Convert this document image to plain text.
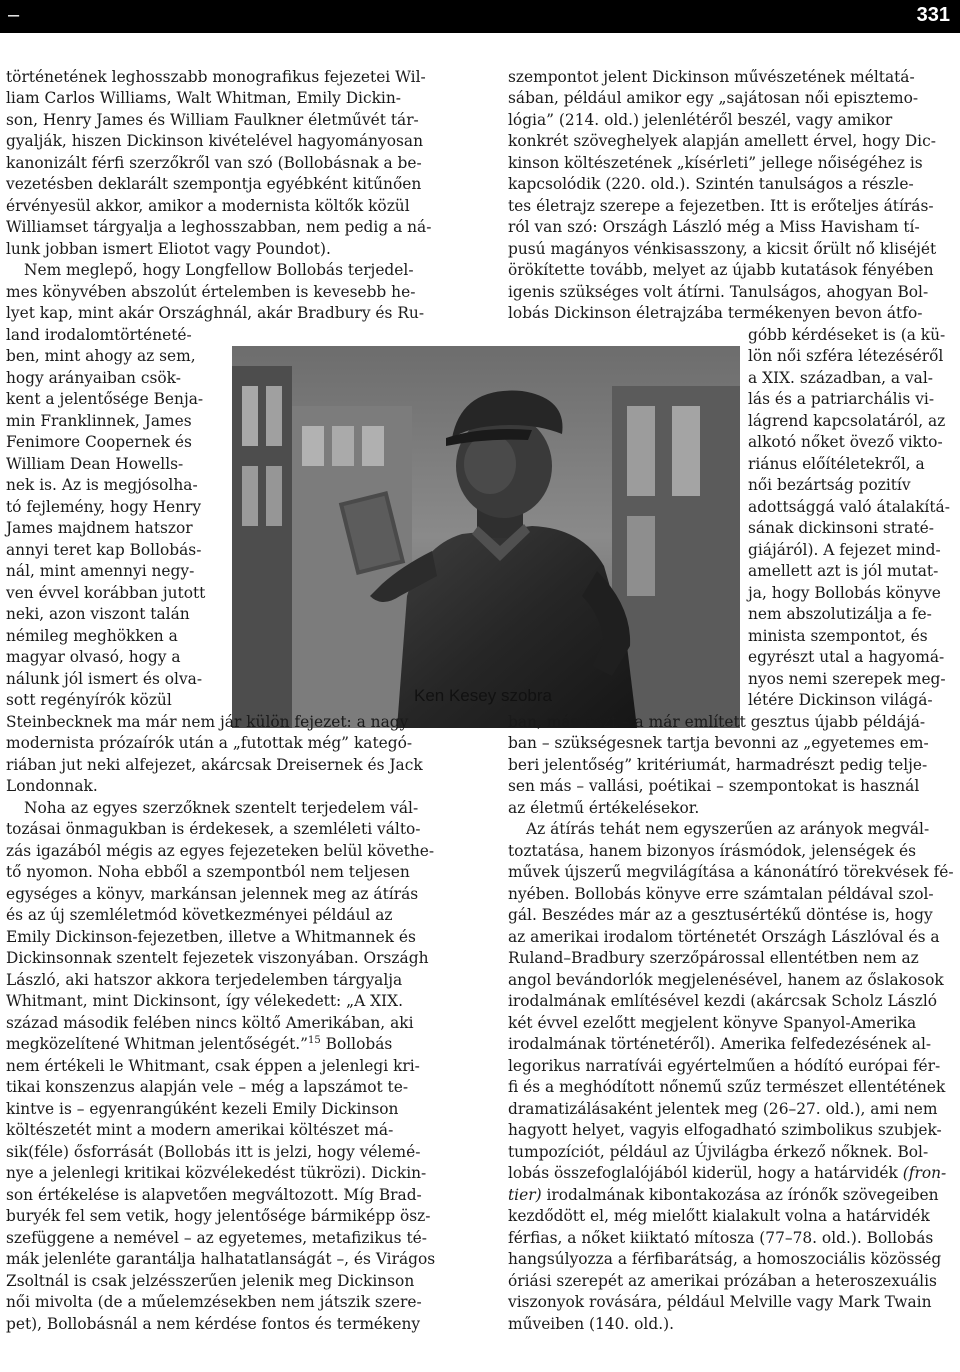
–	331
Ken Kesey szobra
történetének leghosszabb monografikus fejezetei Wil-
liam Carlos Williams, Walt Whitman, Emily Dickin-
son, Henry James és William Faulkner életművét tár-
gyalják, hiszen Dickinson kivételével hagyományosan
kanonizált férfi szerzőkről van szó (Bollobásnak a be-
vezetésben deklarált szempontja egyébként kitűnően
érvényesül akkor, amikor a modernista költők közül
Williamset tárgyalja a leghosszabban, nem pedig a ná-
lunk jobban ismert Eliotot vagy Poundot).
Nem meglepő, hogy Longfellow Bollobás terjedel-
mes könyvében abszolút értelemben is kevesebb he-
lyet kap, mint akár Országhnál, akár Bradbury és Ru-
land irodalomtörténeté-
ben, mint ahogy az sem,
hogy arányaiban csök-
kent a jelentősége Benja-
min Franklinnek, James
Fenimore Coopernek és
William Dean Howells-
nek is. Az is megjósolha-
tó fejlemény, hogy Henry
James majdnem hatszor
annyi teret kap Bollobás-
nál, mint amennyi negy-
ven évvel korábban jutott
neki, azon viszont talán
némileg meghökken a
magyar olvasó, hogy a
nálunk jól ismert és olva-
sott regényírók közül
Steinbecknek ma már nem jár külön fejezet: a nagy
modernista prózaírók után a „futottak még” kategó-
riában jut neki alfejezet, akárcsak Dreisernek és Jack
Londonnak.
Noha az egyes szerzőknek szentelt terjedelem vál-
tozásai önmagukban is érdekesek, a szemléleti válto-
zás igazából mégis az egyes fejezeteken belül követhe-
tő nyomon. Noha ebből a szempontból nem teljesen
egységes a könyv, markánsan jelennek meg az átírás
és az új szemléletmód következményei például az
Emily Dickinson-fejezetben, illetve a Whitmannek és
Dickinsonnak szentelt fejezetek viszonyában. Országh
László, aki hatszor akkora terjedelemben tárgyalja
Whitmant, mint Dickinsont, így vélekedett: „A XIX.
század második felében nincs költő Amerikában, aki
megközelítené Whitman jelentőségét.”$^{15}$ Bollobás
nem értékeli le Whitmant, csak éppen a jelenlegi kri-
tikai konszenzus alapján vele – még a lapszámot te-
kintve is – egyenrangúként kezeli Emily Dickinson
költészetét mint a modern amerikai költészet má-
sik(féle) ősforrását (Bollobás itt is jelzi, hogy vélemé-
nye a jelenlegi kritikai közvélekedést tükrözi). Dickin-
son értékelése is alapvetően megváltozott. Míg Brad-
buryék fel sem vetik, hogy jelentősége bármiképp ösz-
szefüggene a nemével – az egyetemes, metafizikus té-
mák jelenléte garantálja halhatatlanságát –, és Virágos
Zsoltnál is csak jelzésszerűen jelenik meg Dickinson
női mivolta (de a műelemzésekben nem játszik szere-
pet), Bollobásnál a nem kérdése fontos és termékeny
szempontot jelent Dickinson művészetének méltatá-
sában, például amikor egy „sajátosan női episztemo-
lógia” (214. old.) jelenlétéről beszél, vagy amikor
konkrét szöveghelyek alapján amellett érvel, hogy Dic-
kinson költészetének „kísérleti” jellege nőiségéhez is
kapcsolódik (220. old.). Szintén tanulságos a részle-
tes életrajz szerepe a fejezetben. Itt is erőteljes átírás-
ról van szó: Országh László még a Miss Havisham tí-
pusú magányos vénkisasszony, a kicsit őrült nő kliséjét
örökítette tovább, melyet az újabb kutatások fényében
igenis szükséges volt átírni. Tanulságos, ahogyan Bol-
lobás Dickinson életrajzába termékenyen bevon átfo-
góbb kérdéseket is (a kü-
lön női szféra létezéséről
a XIX. században, a val-
lás és a patriarchális vi-
lágrend kapcsolatáról, az
alkotó nőket övező vikto-
riánus előítéletekről, a
női bezártság pozitív
adottsággá való átalakítá-
sának dickinsoni straté-
giájáról). A fejezet mind-
amellett azt is jól mutat-
ja, hogy Bollobás könyve
nem abszolutizálja a fe-
minista szempontot, és
egyrészt utal a hagyomá-
nyos nemi szerepek meg-
létére Dickinson világá-
ban, másrészt – a már említett gesztus újabb példájá-
ban – szükségesnek tartja bevonni az „egyetemes em-
beri jelentőség” kritériumát, harmadrészt pedig telje-
sen más – vallási, poétikai – szempontokat is használ
az életmű értékelésekor.
Az átírás tehát nem egyszerűen az arányok megvál-
toztatása, hanem bizonyos írásmódok, jelenségek és
művek újszerű megvilágítása a kánonátíró törekvések fé-
nyében. Bollobás könyve erre számtalan példával szol-
gál. Beszédes már az a gesztusértékű döntése is, hogy
az amerikai irodalom történetét Országh Lászlóval és a
Ruland–Bradbury szerzőpárossal ellentétben nem az
angol bevándorlók megjelenésével, hanem az őslakosok
irodalmának említésével kezdi (akárcsak Scholz László
két évvel ezelőtt megjelent könyve Spanyol-Amerika
irodalmának történetéről). Amerika felfedezésének al-
legorikus narratívái egyértelműen a hódító európai fér-
fi és a meghódított nőnemű szűz természet ellentétének
dramatizálásaként jelentek meg (26–27. old.), ami nem
hagyott helyet, vagyis elfogadható szimbolikus szubjek-
tumpozíciót, például az Újvilágba érkező nőknek. Bol-
lobás összefoglalójából kiderül, hogy a határvidék (fron-
tier) irodalmának kibontakozása az írónők szövegeiben
kezdődött el, még mielőtt kialakult volna a határvidék
férfias, a nőket kiiktató mítosza (77–78. old.). Bollobás
hangsúlyozza a férfibarátság, a homoszociális közösség
óriási szerepét az amerikai prózában a heteroszexuális
viszonyok rovására, például Melville vagy Mark Twain
műveiben (140. old.).
